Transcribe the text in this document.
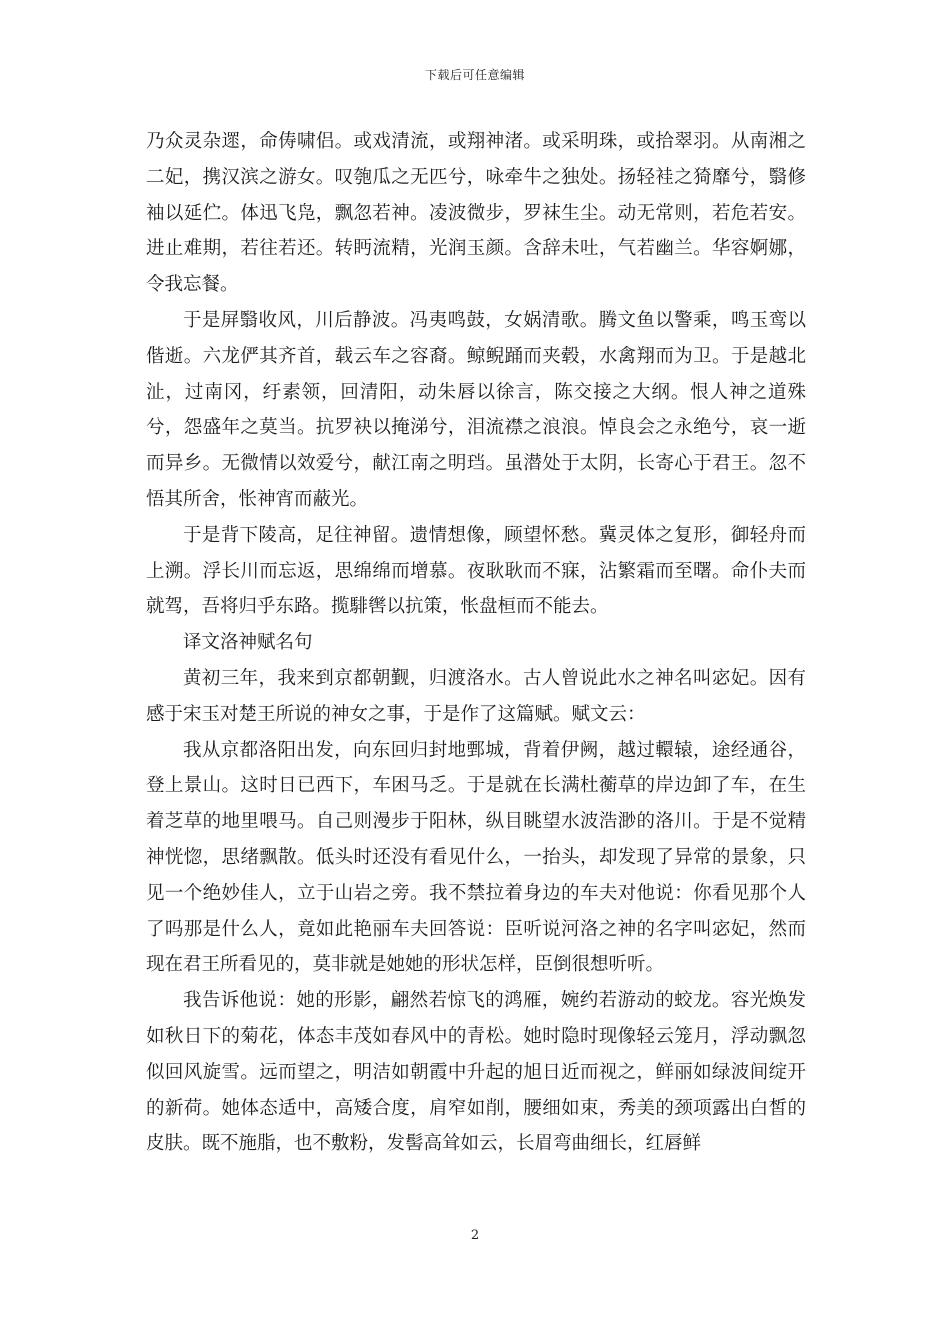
下载后可任意编辑

乃众灵杂遝，命俦啸侣。或戏清流，或翔神渚。或采明珠，或拾翠羽。从南湘之二妃，携汉滨之游女。叹匏瓜之无匹兮，咏牵牛之独处。扬轻袿之猗靡兮，翳修袖以延伫。体迅飞凫，飘忽若神。凌波微步，罗袜生尘。动无常则，若危若安。进止难期，若往若还。转眄流精，光润玉颜。含辞未吐，气若幽兰。华容婀娜，令我忘餐。

于是屏翳收风，川后静波。冯夷鸣鼓，女娲清歌。腾文鱼以警乘，鸣玉鸾以偕逝。六龙俨其齐首，载云车之容裔。鲸鲵踊而夹毂，水禽翔而为卫。于是越北沚，过南冈，纡素领，回清阳，动朱唇以徐言，陈交接之大纲。恨人神之道殊兮，怨盛年之莫当。抗罗袂以掩涕兮，泪流襟之浪浪。悼良会之永绝兮，哀一逝而异乡。无微情以效爱兮，献江南之明珰。虽潜处于太阴，长寄心于君王。忽不悟其所舍，怅神宵而蔽光。

于是背下陵高，足往神留。遗情想像，顾望怀愁。冀灵体之复形，御轻舟而上溯。浮长川而忘返，思绵绵而增慕。夜耿耿而不寐，沾繁霜而至曙。命仆夫而就驾，吾将归乎东路。揽騑辔以抗策，怅盘桓而不能去。

译文洛神赋名句

黄初三年，我来到京都朝觐，归渡洛水。古人曾说此水之神名叫宓妃。因有感于宋玉对楚王所说的神女之事，于是作了这篇赋。赋文云：

我从京都洛阳出发，向东回归封地鄄城，背着伊阙，越过轘辕，途经通谷，登上景山。这时日已西下，车困马乏。于是就在长满杜蘅草的岸边卸了车，在生着芝草的地里喂马。自己则漫步于阳林，纵目眺望水波浩渺的洛川。于是不觉精神恍惚，思绪飘散。低头时还没有看见什么，一抬头，却发现了异常的景象，只见一个绝妙佳人，立于山岩之旁。我不禁拉着身边的车夫对他说：你看见那个人了吗那是什么人，竟如此艳丽车夫回答说：臣听说河洛之神的名字叫宓妃，然而现在君王所看见的，莫非就是她她的形状怎样，臣倒很想听听。

我告诉他说：她的形影，翩然若惊飞的鸿雁，婉约若游动的蛟龙。容光焕发如秋日下的菊花，体态丰茂如春风中的青松。她时隐时现像轻云笼月，浮动飘忽似回风旋雪。远而望之，明洁如朝霞中升起的旭日近而视之，鲜丽如绿波间绽开的新荷。她体态适中，高矮合度，肩窄如削，腰细如束，秀美的颈项露出白皙的皮肤。既不施脂，也不敷粉，发髻高耸如云，长眉弯曲细长，红唇鲜

2
